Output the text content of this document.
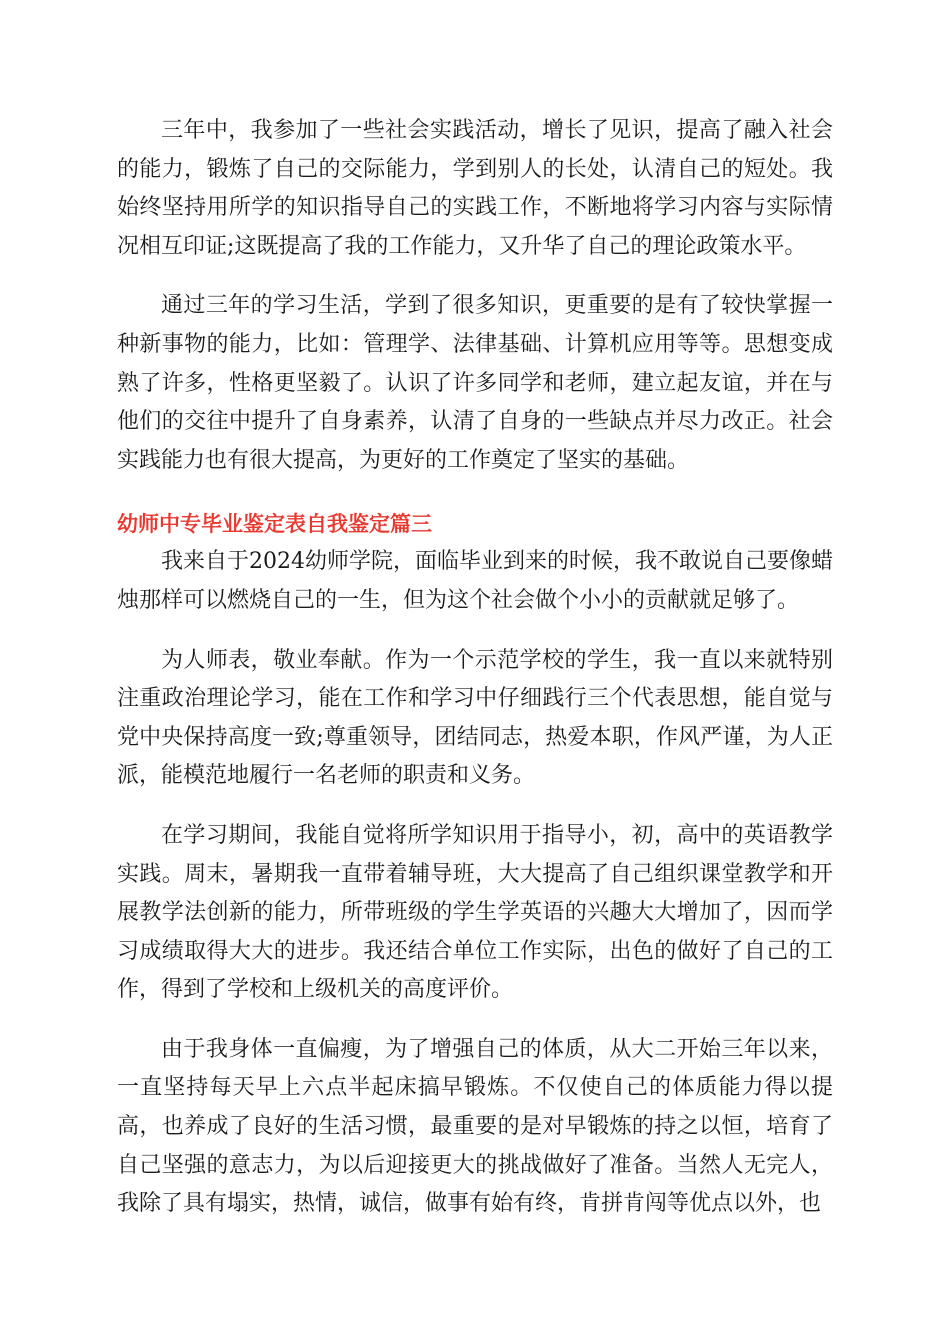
三年中，我参加了一些社会实践活动，增长了见识，提高了融入社会的能力，锻炼了自己的交际能力，学到别人的长处，认清自己的短处。我始终坚持用所学的知识指导自己的实践工作，不断地将学习内容与实际情况相互印证;这既提高了我的工作能力，又升华了自己的理论政策水平。

通过三年的学习生活，学到了很多知识，更重要的是有了较快掌握一种新事物的能力，比如：管理学、法律基础、计算机应用等等。思想变成熟了许多，性格更坚毅了。认识了许多同学和老师，建立起友谊，并在与他们的交往中提升了自身素养，认清了自身的一些缺点并尽力改正。社会实践能力也有很大提高，为更好的工作奠定了坚实的基础。

幼师中专毕业鉴定表自我鉴定篇三

我来自于2024幼师学院，面临毕业到来的时候，我不敢说自己要像蜡烛那样可以燃烧自己的一生，但为这个社会做个小小的贡献就足够了。

为人师表，敬业奉献。作为一个示范学校的学生，我一直以来就特别注重政治理论学习，能在工作和学习中仔细践行三个代表思想，能自觉与党中央保持高度一致;尊重领导，团结同志，热爱本职，作风严谨，为人正派，能模范地履行一名老师的职责和义务。

在学习期间，我能自觉将所学知识用于指导小，初，高中的英语教学实践。周末，暑期我一直带着辅导班，大大提高了自己组织课堂教学和开展教学法创新的能力，所带班级的学生学英语的兴趣大大增加了，因而学习成绩取得大大的进步。我还结合单位工作实际，出色的做好了自己的工作，得到了学校和上级机关的高度评价。

由于我身体一直偏瘦，为了增强自己的体质，从大二开始三年以来，一直坚持每天早上六点半起床搞早锻炼。不仅使自己的体质能力得以提高，也养成了良好的生活习惯，最重要的是对早锻炼的持之以恒，培育了自己坚强的意志力，为以后迎接更大的挑战做好了准备。当然人无完人，我除了具有塌实，热情，诚信，做事有始有终，肯拼肯闯等优点以外，也
